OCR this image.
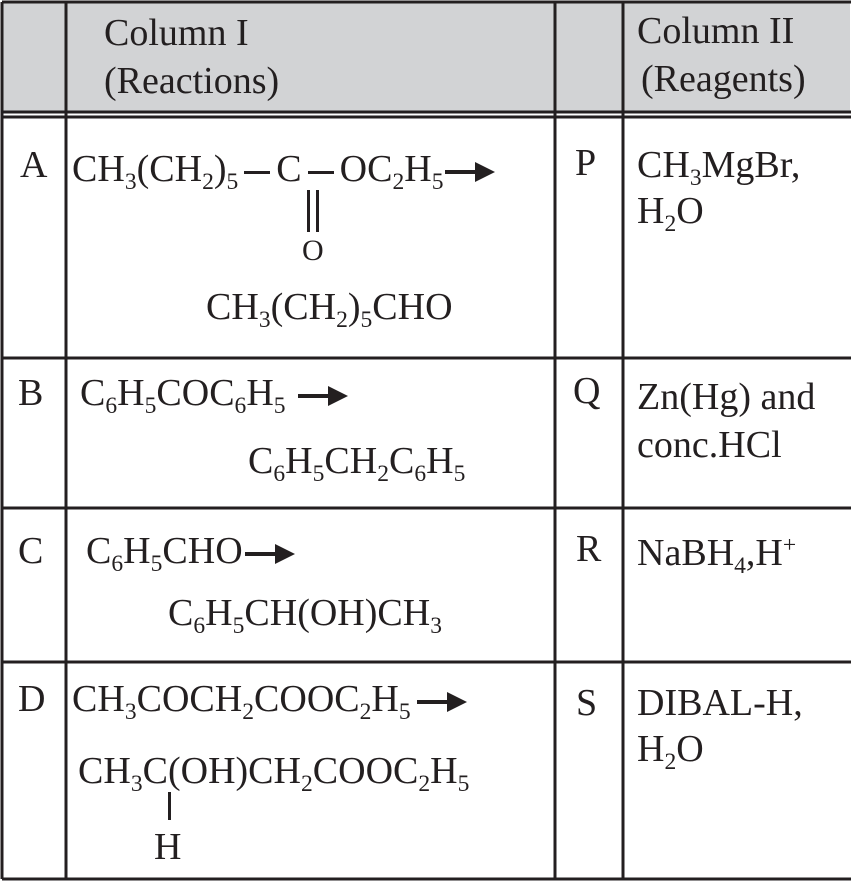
Column I
(Reactions)
Column II
(Reagents)
A $CH_3(CH_2)_5$ C $OC_2H_5$
O
$CH_3(CH_2)_5CHO$
P $CH_3MgBr$,
$H_2O$
B $C_6H_5COC_6H_5$
$C_6H_5CH_2C_6H_5$
Q Zn(Hg) and
conc.HCl
C $C_6H_5CHO$
$C_6H_5CH(OH)CH_3$
R NaBH$_4$,H+
D $CH_3COCH_2COOC_2H_5$
$CH_3C(OH)CH_2COOC_2H_5$
H
S DIBAL-H,
$H_2O$
